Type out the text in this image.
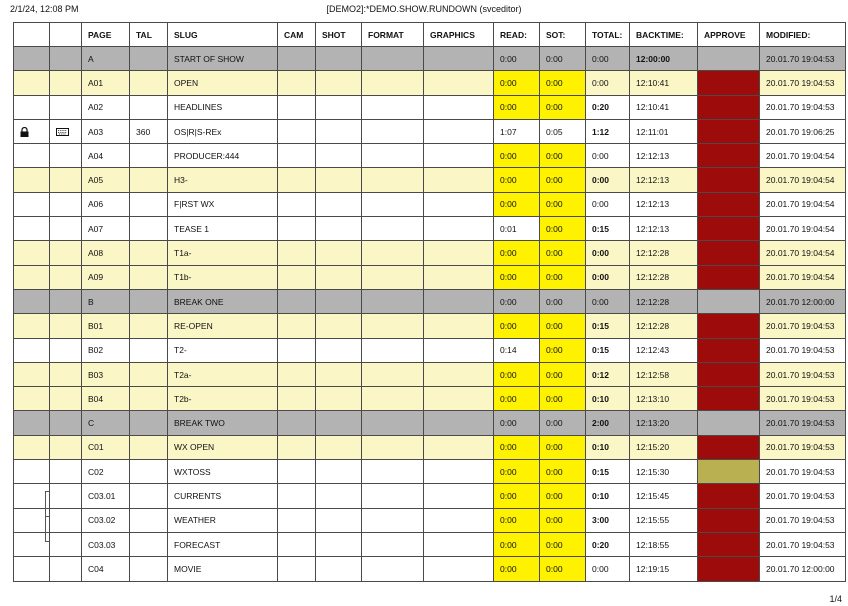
2/1/24, 12:08 PM	[DEMO2]:*DEMO.SHOW.RUNDOWN (svceditor)
		PAGE	TAL	SLUG	CAM	SHOT	FORMAT	GRAPHICS	READ:	SOT:	TOTAL:	BACKTIME:	APPROVE	MODIFIED:
		A		START OF SHOW					0:00	0:00	0:00	12:00:00		20.01.70 19:04:53
		A01		OPEN					0:00	0:00	0:00	12:10:41		20.01.70 19:04:53
		A02		HEADLINES					0:00	0:00	0:20	12:10:41		20.01.70 19:04:53
		A03	360	OS|R|S-REx					1:07	0:05	1:12	12:11:01		20.01.70 19:06:25
		A04		PRODUCER:444					0:00	0:00	0:00	12:12:13		20.01.70 19:04:54
		A05		H3-					0:00	0:00	0:00	12:12:13		20.01.70 19:04:54
		A06		F|RST WX					0:00	0:00	0:00	12:12:13		20.01.70 19:04:54
		A07		TEASE 1					0:01	0:00	0:15	12:12:13		20.01.70 19:04:54
		A08		T1a-					0:00	0:00	0:00	12:12:28		20.01.70 19:04:54
		A09		T1b-					0:00	0:00	0:00	12:12:28		20.01.70 19:04:54
		B		BREAK ONE					0:00	0:00	0:00	12:12:28		20.01.70 12:00:00
		B01		RE-OPEN					0:00	0:00	0:15	12:12:28		20.01.70 19:04:53
		B02		T2-					0:14	0:00	0:15	12:12:43		20.01.70 19:04:53
		B03		T2a-					0:00	0:00	0:12	12:12:58		20.01.70 19:04:53
		B04		T2b-					0:00	0:00	0:10	12:13:10		20.01.70 19:04:53
		C		BREAK TWO					0:00	0:00	2:00	12:13:20		20.01.70 19:04:53
		C01		WX OPEN					0:00	0:00	0:10	12:15:20		20.01.70 19:04:53
		C02		WXTOSS					0:00	0:00	0:15	12:15:30		20.01.70 19:04:53
		C03.01		CURRENTS					0:00	0:00	0:10	12:15:45		20.01.70 19:04:53
		C03.02		WEATHER					0:00	0:00	3:00	12:15:55		20.01.70 19:04:53
		C03.03		FORECAST					0:00	0:00	0:20	12:18:55		20.01.70 19:04:53
		C04		MOVIE					0:00	0:00	0:00	12:19:15		20.01.70 12:00:00
1/4
